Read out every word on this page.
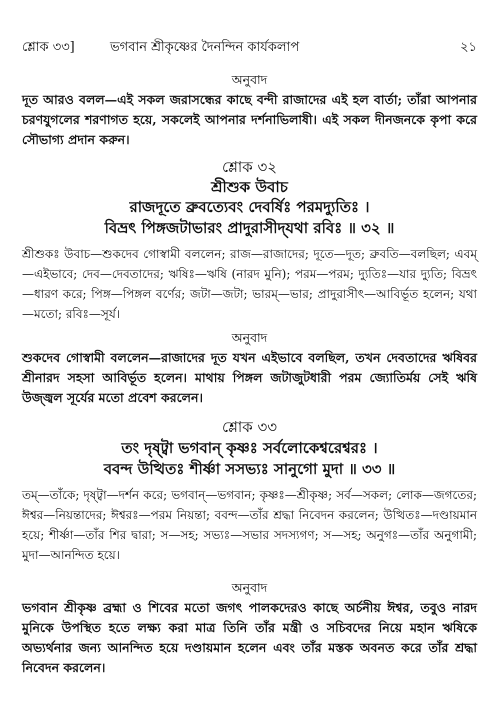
শ্লোক ৩৩]	ভগবান শ্রীকৃষ্ণের দৈনন্দিন কার্যকলাপ	২১
অনুবাদ

দূত আরও বলল—এই সকল জরাসন্ধের কাছে বন্দী রাজাদের এই হল বার্তা; তাঁরা আপনার চরণযুগলের শরণাগত হয়ে, সকলেই আপনার দর্শনাভিলাষী। এই সকল দীনজনকে কৃপা করে সৌভাগ্য প্রদান করুন।

শ্লোক ৩২
শ্রীশুক উবাচ

রাজদূতে ব্রুবত্যেবং দেবর্ষিঃ পরমদ্যুতিঃ ।
বিভ্রৎ পিঙ্গজটাভারং প্রাদুরাসীদ্‌যথা রবিঃ ॥ ৩২ ॥

শ্রীশুকঃ উবাচ—শুকদেব গোস্বামী বললেন; রাজ—রাজাদের; দূতে—দূত; ব্রুবতি—বলছিল; এবম্—এইভাবে; দেব—দেবতাদের; ঋষিঃ—ঋষি (নারদ মুনি); পরম—পরম; দ্যুতিঃ—যার দ্যুতি; বিভ্রৎ—ধারণ করে; পিঙ্গ—পিঙ্গল বর্ণের; জটা—জটা; ভারম্—ভার; প্রাদুরাসীৎ—আবির্ভূত হলেন; যথা—মতো; রবিঃ—সূর্য।

অনুবাদ

শুকদেব গোস্বামী বললেন—রাজাদের দূত যখন এইভাবে বলছিল, তখন দেবতাদের ঋষিবর শ্রীনারদ সহসা আবির্ভূত হলেন। মাথায় পিঙ্গল জটাজুটধারী পরম জ্যোতির্ময় সেই ঋষি উজ্জ্বল সূর্যের মতো প্রবেশ করলেন।

শ্লোক ৩৩

তং দৃষ্ট্বা ভগবান্ কৃষ্ণঃ সর্বলোকেশ্বরেশ্বরঃ ।
ববন্দ উত্থিতঃ শীর্ষ্ণা সসভ্যঃ সানুগো মুদা ॥ ৩৩ ॥

তম্—তাঁকে; দৃষ্ট্বা—দর্শন করে; ভগবান্—ভগবান; কৃষ্ণঃ—শ্রীকৃষ্ণ; সর্ব—সকল; লোক—জগতের; ঈশ্বর—নিয়ন্তাদের; ঈশ্বরঃ—পরম নিয়ন্তা; ববন্দ—তাঁর শ্রদ্ধা নিবেদন করলেন; উত্থিতঃ—দণ্ডায়মান হয়ে; শীর্ষ্ণা—তাঁর শির দ্বারা; স—সহ; সভ্যঃ—সভার সদস্যগণ; স—সহ; অনুগঃ—তাঁর অনুগামী; মুদা—আনন্দিত হয়ে।

অনুবাদ

ভগবান শ্রীকৃষ্ণ ব্রহ্মা ও শিবের মতো জগৎ পালকদেরও কাছে অর্চনীয় ঈশ্বর, তবুও নারদ মুনিকে উপস্থিত হতে লক্ষ্য করা মাত্র তিনি তাঁর মন্ত্রী ও সচিবদের নিয়ে মহান ঋষিকে অভ্যর্থনার জন্য আনন্দিত হয়ে দণ্ডায়মান হলেন এবং তাঁর মস্তক অবনত করে তাঁর শ্রদ্ধা নিবেদন করলেন।
